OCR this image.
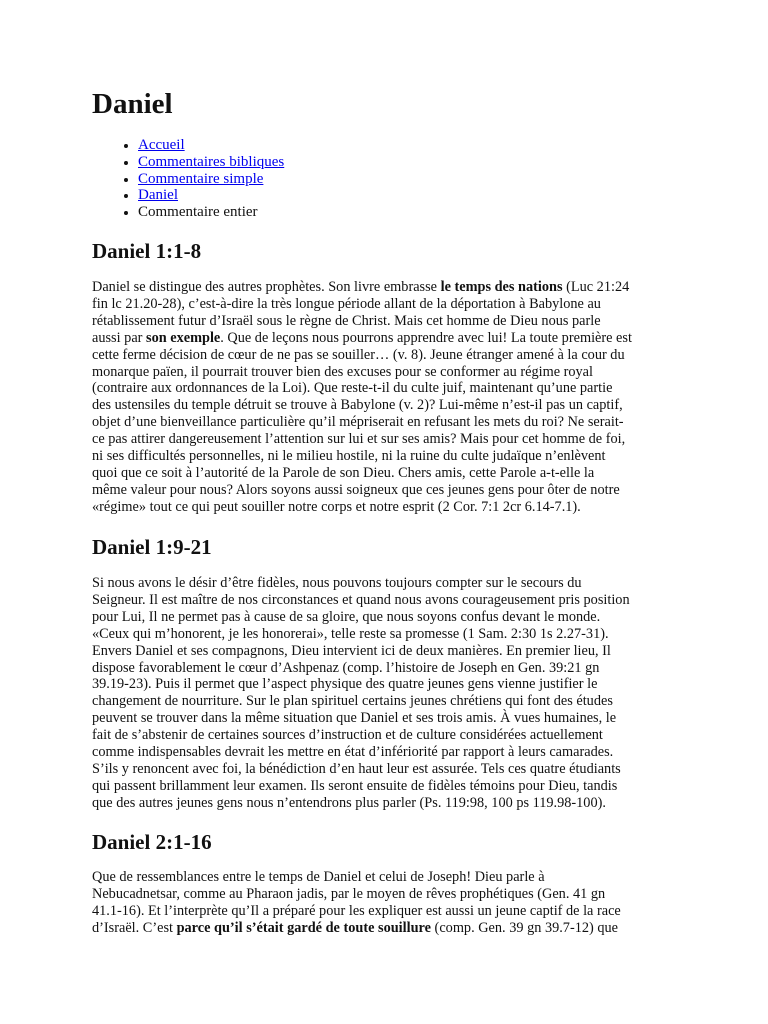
Daniel
• Accueil
• Commentaires bibliques
• Commentaire simple
• Daniel
• Commentaire entier
Daniel 1:1-8
Daniel se distingue des autres prophètes. Son livre embrasse le temps des nations (Luc 21:24
fin lc 21.20-28), c’est-à-dire la très longue période allant de la déportation à Babylone au
rétablissement futur d’Israël sous le règne de Christ. Mais cet homme de Dieu nous parle
aussi par son exemple. Que de leçons nous pourrons apprendre avec lui! La toute première est
cette ferme décision de cœur de ne pas se souiller… (v. 8). Jeune étranger amené à la cour du
monarque païen, il pourrait trouver bien des excuses pour se conformer au régime royal
(contraire aux ordonnances de la Loi). Que reste-t-il du culte juif, maintenant qu’une partie
des ustensiles du temple détruit se trouve à Babylone (v. 2)? Lui-même n’est-il pas un captif,
objet d’une bienveillance particulière qu’il mépriserait en refusant les mets du roi? Ne serait-
ce pas attirer dangereusement l’attention sur lui et sur ses amis? Mais pour cet homme de foi,
ni ses difficultés personnelles, ni le milieu hostile, ni la ruine du culte judaïque n’enlèvent
quoi que ce soit à l’autorité de la Parole de son Dieu. Chers amis, cette Parole a-t-elle la
même valeur pour nous? Alors soyons aussi soigneux que ces jeunes gens pour ôter de notre
«régime» tout ce qui peut souiller notre corps et notre esprit (2 Cor. 7:1 2cr 6.14-7.1).
Daniel 1:9-21
Si nous avons le désir d’être fidèles, nous pouvons toujours compter sur le secours du
Seigneur. Il est maître de nos circonstances et quand nous avons courageusement pris position
pour Lui, Il ne permet pas à cause de sa gloire, que nous soyons confus devant le monde.
«Ceux qui m’honorent, je les honorerai», telle reste sa promesse (1 Sam. 2:30 1s 2.27-31).
Envers Daniel et ses compagnons, Dieu intervient ici de deux manières. En premier lieu, Il
dispose favorablement le cœur d’Ashpenaz (comp. l’histoire de Joseph en Gen. 39:21 gn
39.19-23). Puis il permet que l’aspect physique des quatre jeunes gens vienne justifier le
changement de nourriture. Sur le plan spirituel certains jeunes chrétiens qui font des études
peuvent se trouver dans la même situation que Daniel et ses trois amis. À vues humaines, le
fait de s’abstenir de certaines sources d’instruction et de culture considérées actuellement
comme indispensables devrait les mettre en état d’infériorité par rapport à leurs camarades.
S’ils y renoncent avec foi, la bénédiction d’en haut leur est assurée. Tels ces quatre étudiants
qui passent brillamment leur examen. Ils seront ensuite de fidèles témoins pour Dieu, tandis
que des autres jeunes gens nous n’entendrons plus parler (Ps. 119:98, 100 ps 119.98-100).
Daniel 2:1-16
Que de ressemblances entre le temps de Daniel et celui de Joseph! Dieu parle à
Nebucadnetsar, comme au Pharaon jadis, par le moyen de rêves prophétiques (Gen. 41 gn
41.1-16). Et l’interprète qu’Il a préparé pour les expliquer est aussi un jeune captif de la race
d’Israël. C’est parce qu’il s’était gardé de toute souillure (comp. Gen. 39 gn 39.7-12) que
